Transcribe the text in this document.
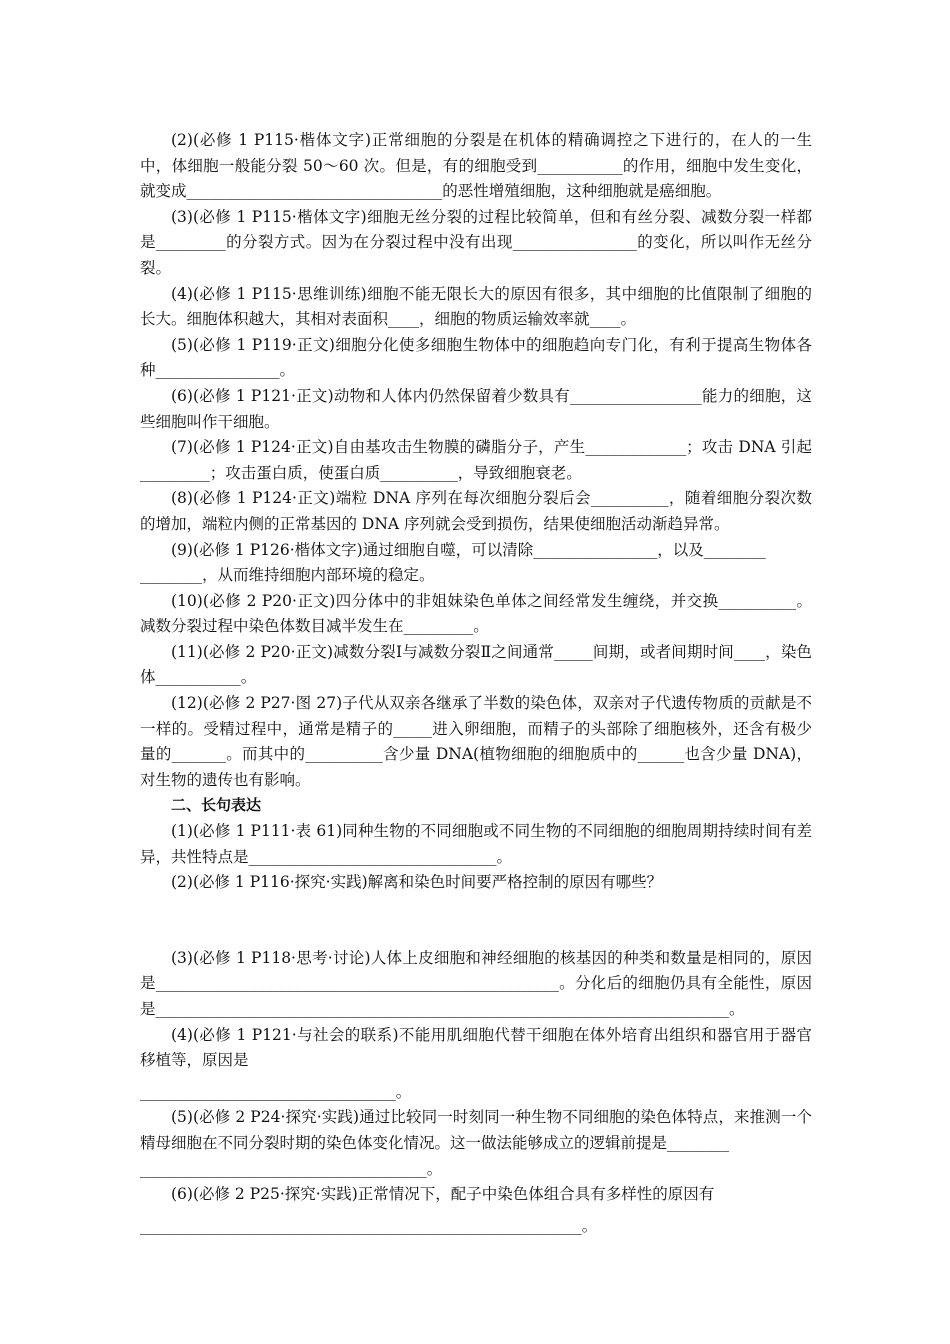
(2)(必修 1 P115·楷体文字)正常细胞的分裂是在机体的精确调控之下进行的，在人的一生中，体细胞一般能分裂 50～60 次。但是，有的细胞受到___________的作用，细胞中发生变化，就变成_________________________________的恶性增殖细胞，这种细胞就是癌细胞。

(3)(必修 1 P115·楷体文字)细胞无丝分裂的过程比较简单，但和有丝分裂、减数分裂一样都是_________的分裂方式。因为在分裂过程中没有出现________________的变化，所以叫作无丝分裂。

(4)(必修 1 P115·思维训练)细胞不能无限长大的原因有很多，其中细胞的比值限制了细胞的长大。细胞体积越大，其相对表面积____，细胞的物质运输效率就____。

(5)(必修 1 P119·正文)细胞分化使多细胞生物体中的细胞趋向专门化，有利于提高生物体各种________________。

(6)(必修 1 P121·正文)动物和人体内仍然保留着少数具有_________________能力的细胞，这些细胞叫作干细胞。

(7)(必修 1 P124·正文)自由基攻击生物膜的磷脂分子，产生_____________；攻击 DNA 引起_________；攻击蛋白质，使蛋白质__________，导致细胞衰老。

(8)(必修 1 P124·正文)端粒 DNA 序列在每次细胞分裂后会__________，随着细胞分裂次数的增加，端粒内侧的正常基因的 DNA 序列就会受到损伤，结果使细胞活动渐趋异常。

(9)(必修 1 P126·楷体文字)通过细胞自噬，可以清除________________，以及________

________，从而维持细胞内部环境的稳定。

(10)(必修 2 P20·正文)四分体中的非姐妹染色单体之间经常发生缠绕，并交换__________。减数分裂过程中染色体数目减半发生在_________。

(11)(必修 2 P20·正文)减数分裂Ⅰ与减数分裂Ⅱ之间通常_____间期，或者间期时间____，染色体___________。

(12)(必修 2 P27·图 27)子代从双亲各继承了半数的染色体，双亲对子代遗传物质的贡献是不一样的。受精过程中，通常是精子的_____进入卵细胞，而精子的头部除了细胞核外，还含有极少量的_______。而其中的__________含少量 DNA(植物细胞的细胞质中的______也含少量 DNA)，对生物的遗传也有影响。

二、长句表达

(1)(必修 1 P111·表 61)同种生物的不同细胞或不同生物的不同细胞的细胞周期持续时间有差异，共性特点是________________________________。

(2)(必修 1 P116·探究·实践)解离和染色时间要严格控制的原因有哪些？

(3)(必修 1 P118·思考·讨论)人体上皮细胞和神经细胞的核基因的种类和数量是相同的，原因是____________________________________________________。分化后的细胞仍具有全能性，原因是__________________________________________________________________________。

(4)(必修 1 P121·与社会的联系)不能用肌细胞代替干细胞在体外培育出组织和器官用于器官移植等，原因是

_________________________________。

(5)(必修 2 P24·探究·实践)通过比较同一时刻同一种生物不同细胞的染色体特点，来推测一个精母细胞在不同分裂时期的染色体变化情况。这一做法能够成立的逻辑前提是________

_____________________________________。

(6)(必修 2 P25·探究·实践)正常情况下，配子中染色体组合具有多样性的原因有

_________________________________________________________。
